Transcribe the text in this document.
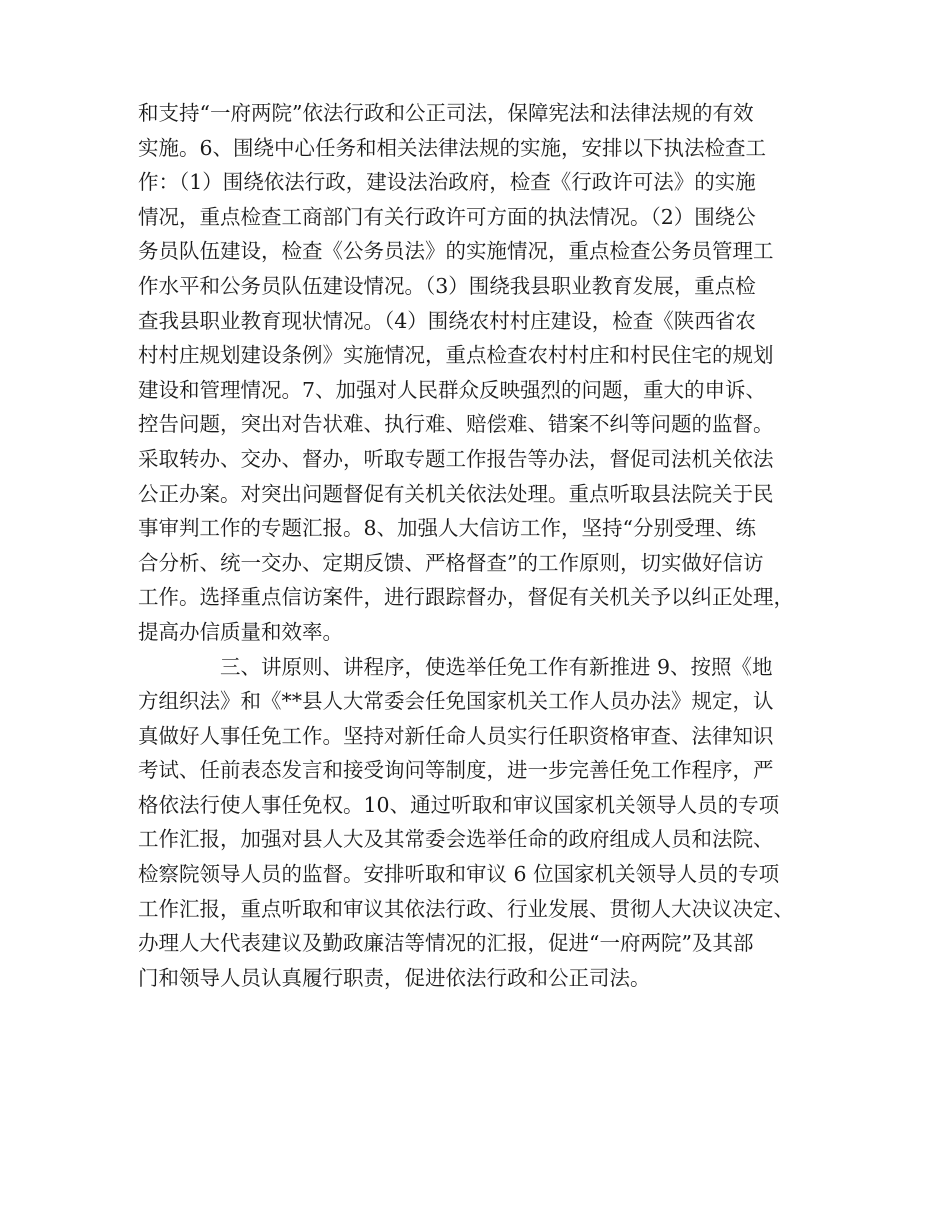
和支持“一府两院”依法行政和公正司法，保障宪法和法律法规的有效
实施。6、围绕中心任务和相关法律法规的实施，安排以下执法检查工
作：（1）围绕依法行政，建设法治政府，检查《行政许可法》的实施
情况，重点检查工商部门有关行政许可方面的执法情况。（2）围绕公
务员队伍建设，检查《公务员法》的实施情况，重点检查公务员管理工
作水平和公务员队伍建设情况。（3）围绕我县职业教育发展，重点检
查我县职业教育现状情况。（4）围绕农村村庄建设，检查《陕西省农
村村庄规划建设条例》实施情况，重点检查农村村庄和村民住宅的规划
建设和管理情况。7、加强对人民群众反映强烈的问题，重大的申诉、
控告问题，突出对告状难、执行难、赔偿难、错案不纠等问题的监督。
采取转办、交办、督办，听取专题工作报告等办法，督促司法机关依法
公正办案。对突出问题督促有关机关依法处理。重点听取县法院关于民
事审判工作的专题汇报。8、加强人大信访工作，坚持“分别受理、练
合分析、统一交办、定期反馈、严格督查”的工作原则，切实做好信访
工作。选择重点信访案件，进行跟踪督办，督促有关机关予以纠正处理，
提高办信质量和效率。
三、讲原则、讲程序，使选举任免工作有新推进 9、按照《地
方组织法》和《**县人大常委会任免国家机关工作人员办法》规定，认
真做好人事任免工作。坚持对新任命人员实行任职资格审查、法律知识
考试、任前表态发言和接受询问等制度，进一步完善任免工作程序，严
格依法行使人事任免权。10、通过听取和审议国家机关领导人员的专项
工作汇报，加强对县人大及其常委会选举任命的政府组成人员和法院、
检察院领导人员的监督。安排听取和审议 6 位国家机关领导人员的专项
工作汇报，重点听取和审议其依法行政、行业发展、贯彻人大决议决定、
办理人大代表建议及勤政廉洁等情况的汇报，促进“一府两院”及其部
门和领导人员认真履行职责，促进依法行政和公正司法。
